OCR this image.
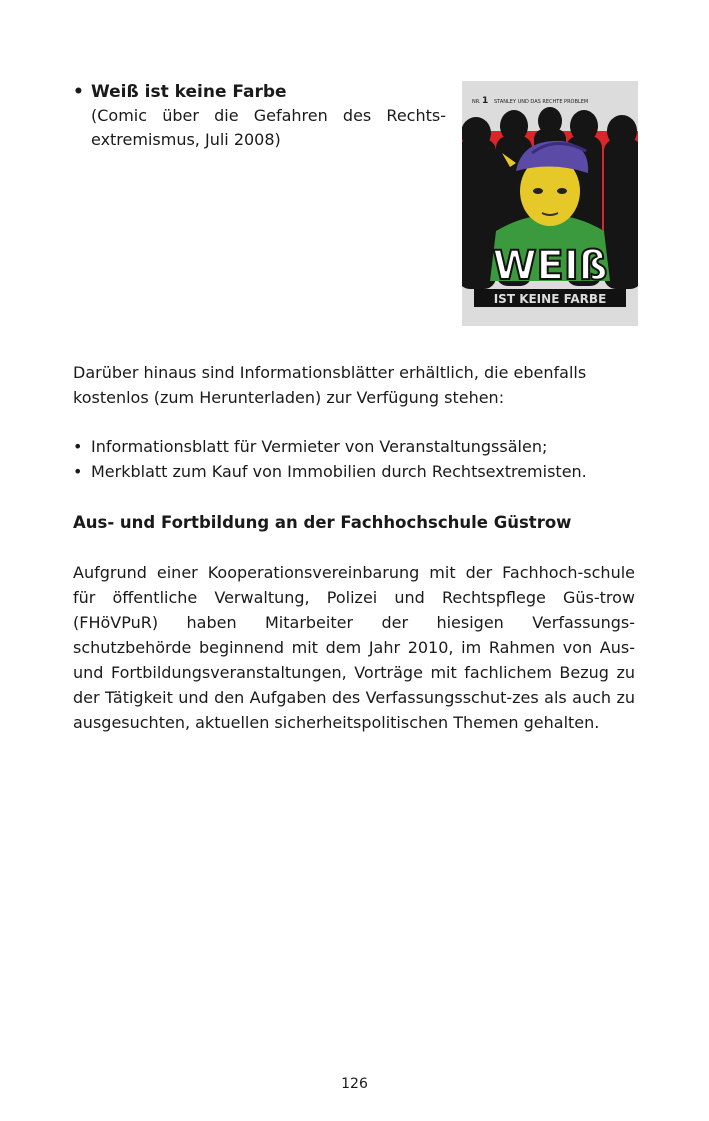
• Weiß ist keine Farbe
(Comic über die Gefahren des Rechts-extremismus, Juli 2008)
NR. 1 STANLEY UND DAS RECHTE PROBLEM
WEIß
IST KEINE FARBE

Darüber hinaus sind Informationsblätter erhältlich, die ebenfalls kostenlos (zum Herunterladen) zur Verfügung stehen:

• Informationsblatt für Vermieter von Veranstaltungssälen;
• Merkblatt zum Kauf von Immobilien durch Rechtsextremisten.
Aus- und Fortbildung an der Fachhochschule Güstrow

Aufgrund einer Kooperationsvereinbarung mit der Fachhoch-schule für öffentliche Verwaltung, Polizei und Rechtspflege Güs-trow (FHöVPuR) haben Mitarbeiter der hiesigen Verfassungs-schutzbehörde beginnend mit dem Jahr 2010, im Rahmen von Aus- und Fortbildungsveranstaltungen, Vorträge mit fachlichem Bezug zu der Tätigkeit und den Aufgaben des Verfassungsschut-zes als auch zu ausgesuchten, aktuellen sicherheitspolitischen Themen gehalten.

126
